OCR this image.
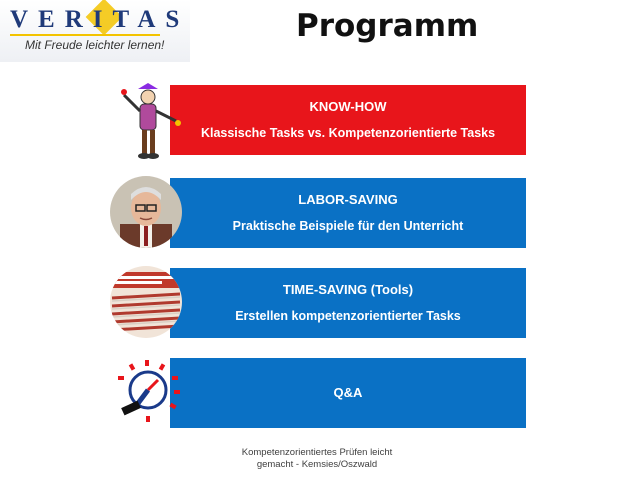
VERITAS
Mit Freude leichter lernen!
Programm
KNOW-HOW
Klassische Tasks vs. Kompetenzorientierte Tasks
LABOR-SAVING
Praktische Beispiele für den Unterricht
TIME-SAVING (Tools)
Erstellen kompetenzorientierter Tasks
Q&A
Kompetenzorientiertes Prüfen leicht
gemacht - Kemsies/Oszwald
